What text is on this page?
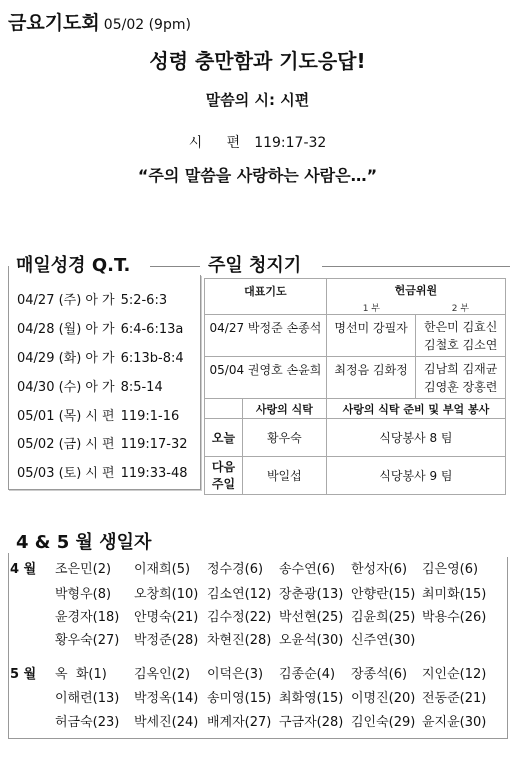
금요기도회 05/02 (9pm)
성령 충만함과 기도응답!
말씀의 시: 시편
시 편 119:17-32
“주의 말씀을 사랑하는 사람은…”
04/27 (주) 아 가 5:2-6:3
04/28 (월) 아 가 6:4-6:13a
04/29 (화) 아 가 6:13b-8:4
04/30 (수) 아 가 8:5-14
05/01 (목) 시 편 119:1-16
05/02 (금) 시 편 119:17-32
05/03 (토) 시 편 119:33-48
매일성경 Q.T.	주일 청지기
대표기도		헌금위원
1 부 2 부	

04/27 박정준 손종석		명선미 강필자	한은미 김효신
김철호 김소연

05/04 권영호 손윤희		최정음 김화정	김남희 김재균
김영훈 장홍련

	사랑의 식탁	사랑의 식탁 준비 및 부엌 봉사	
오늘	황우숙	식당봉사 8 팀	

다음
주일	박일섭	식당봉사 9 팀	
4 & 5 월 생일자
4 월
5 월
조은민(2) 이재희(5) 정수경(6) 송수연(6) 한성자(6) 김은영(6)
박형우(8) 오창희(10) 김소연(12) 장춘광(13) 안향란(15) 최미화(15)
윤경자(18) 안명숙(21) 김수정(22) 박선현(25) 김윤희(25) 박용수(26)
황우숙(27) 박정준(28) 차현진(28) 오윤석(30) 신주연(30)
옥  화(1) 김옥인(2) 이덕은(3) 김종순(4) 장종석(6) 지인순(12)
이해련(13) 박정옥(14) 송미영(15) 최화영(15) 이명진(20) 전동준(21)
허금숙(23) 박세진(24) 배계자(27) 구금자(28) 김인숙(29) 윤지윤(30)
